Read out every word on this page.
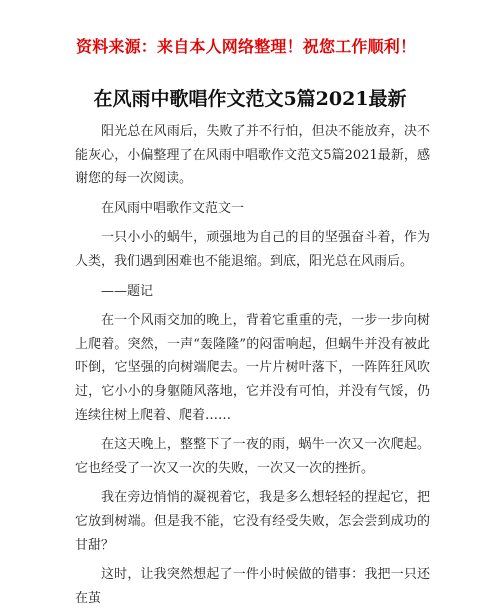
资料来源：来自本人网络整理！祝您工作顺利！
在风雨中歌唱作文范文5篇2021最新

阳光总在风雨后，失败了并不行怕，但决不能放弃，决不能灰心，小偏整理了在风雨中唱歌作文范文5篇2021最新，感谢您的每一次阅读。

在风雨中唱歌作文范文一

一只小小的蜗牛，顽强地为自己的目的坚强奋斗着，作为人类，我们遇到困难也不能退缩。到底，阳光总在风雨后。

——题记

在一个风雨交加的晚上，背着它重重的壳，一步一步向树上爬着。突然，一声“轰隆隆”的闷雷响起，但蜗牛并没有被此吓倒，它坚强的向树端爬去。一片片树叶落下，一阵阵狂风吹过，它小小的身躯随风落地，它并没有可怕，并没有气馁，仍连续往树上爬着、爬着……

在这天晚上，整整下了一夜的雨，蜗牛一次又一次爬起。它也经受了一次又一次的失败，一次又一次的挫折。

我在旁边悄悄的凝视着它，我是多么想轻轻的捏起它，把它放到树端。但是我不能，它没有经受失败，怎会尝到成功的甘甜？

这时，让我突然想起了一件小时候做的错事：我把一只还在茧
